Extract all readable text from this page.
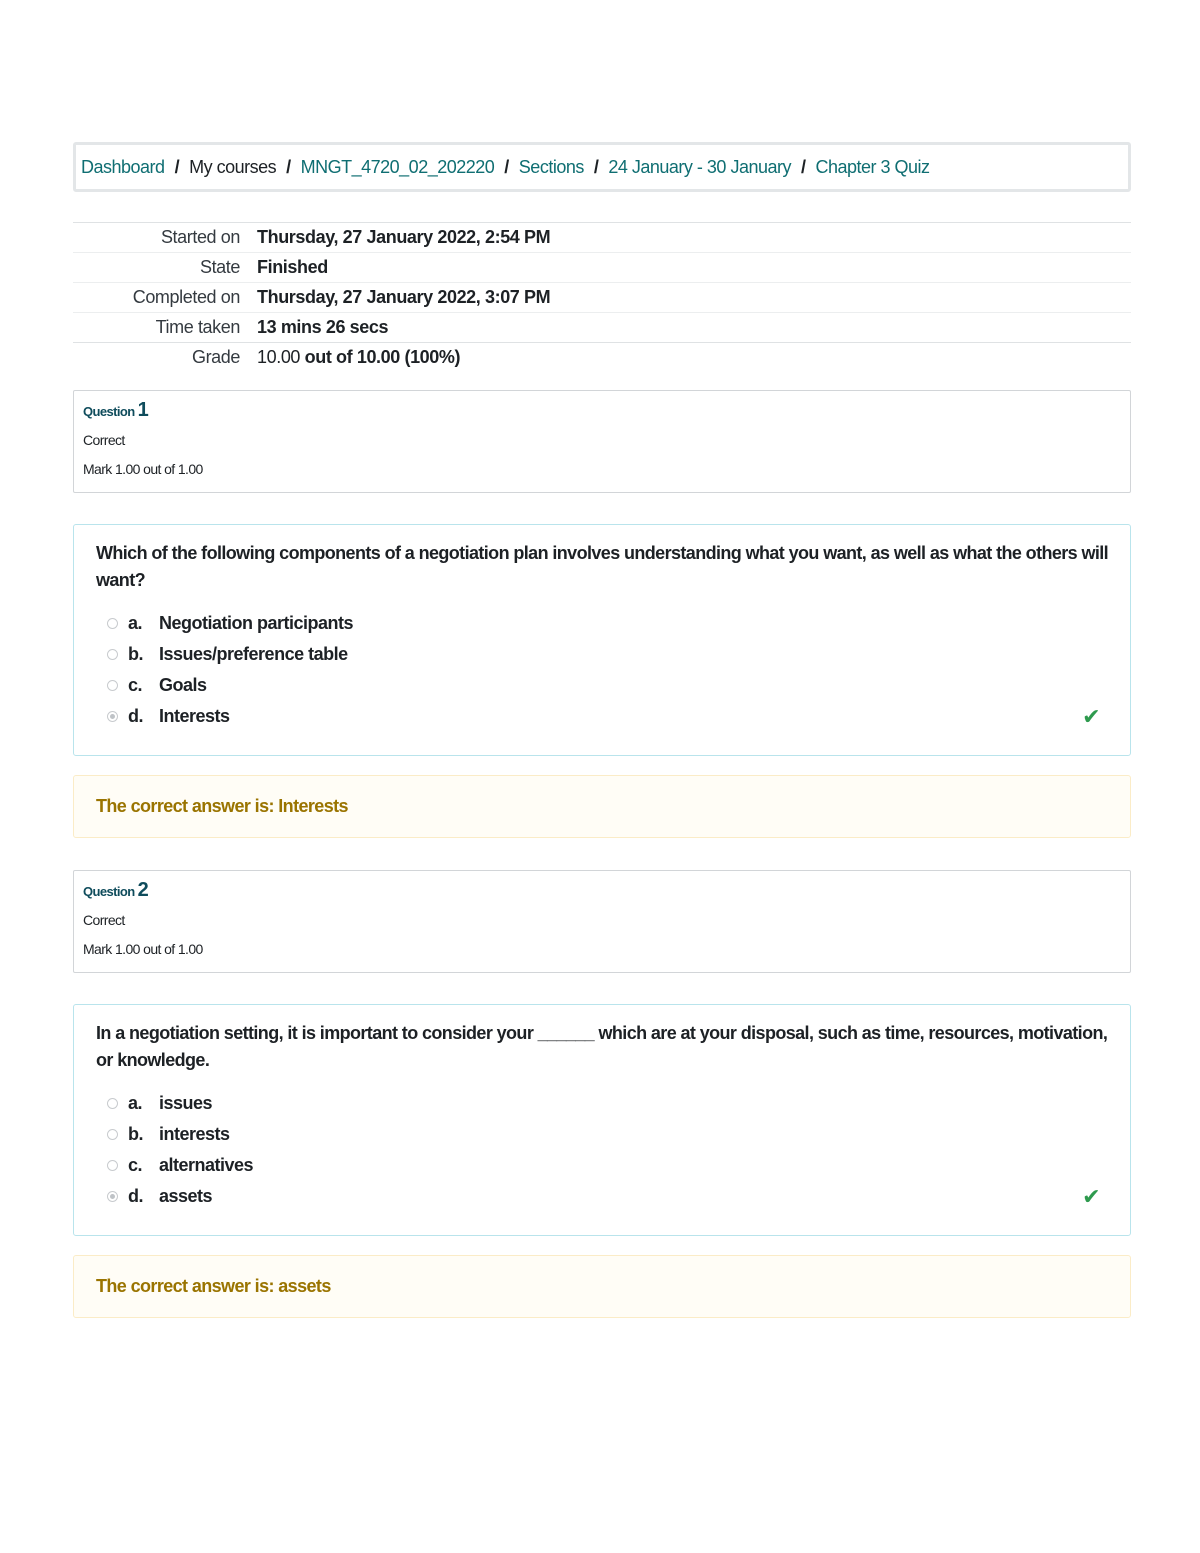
Dashboard / My courses / MNGT_4720_02_202220 / Sections / 24 January - 30 January / Chapter 3 Quiz
Started on	Thursday, 27 January 2022, 2:54 PM
State	Finished
Completed on	Thursday, 27 January 2022, 3:07 PM
Time taken	13 mins 26 secs
Grade	10.00 out of 10.00 (100%)
Question 1
Correct
Mark 1.00 out of 1.00
Which of the following components of a negotiation plan involves understanding what you want, as well as what the others will want?
a. Negotiation participants
b. Issues/preference table
c. Goals
d. Interests	✔
The correct answer is: Interests
Question 2
Correct
Mark 1.00 out of 1.00
In a negotiation setting, it is important to consider your ______ which are at your disposal, such as time, resources, motivation, or knowledge.
a. issues
b. interests
c. alternatives
d. assets	✔
The correct answer is: assets
